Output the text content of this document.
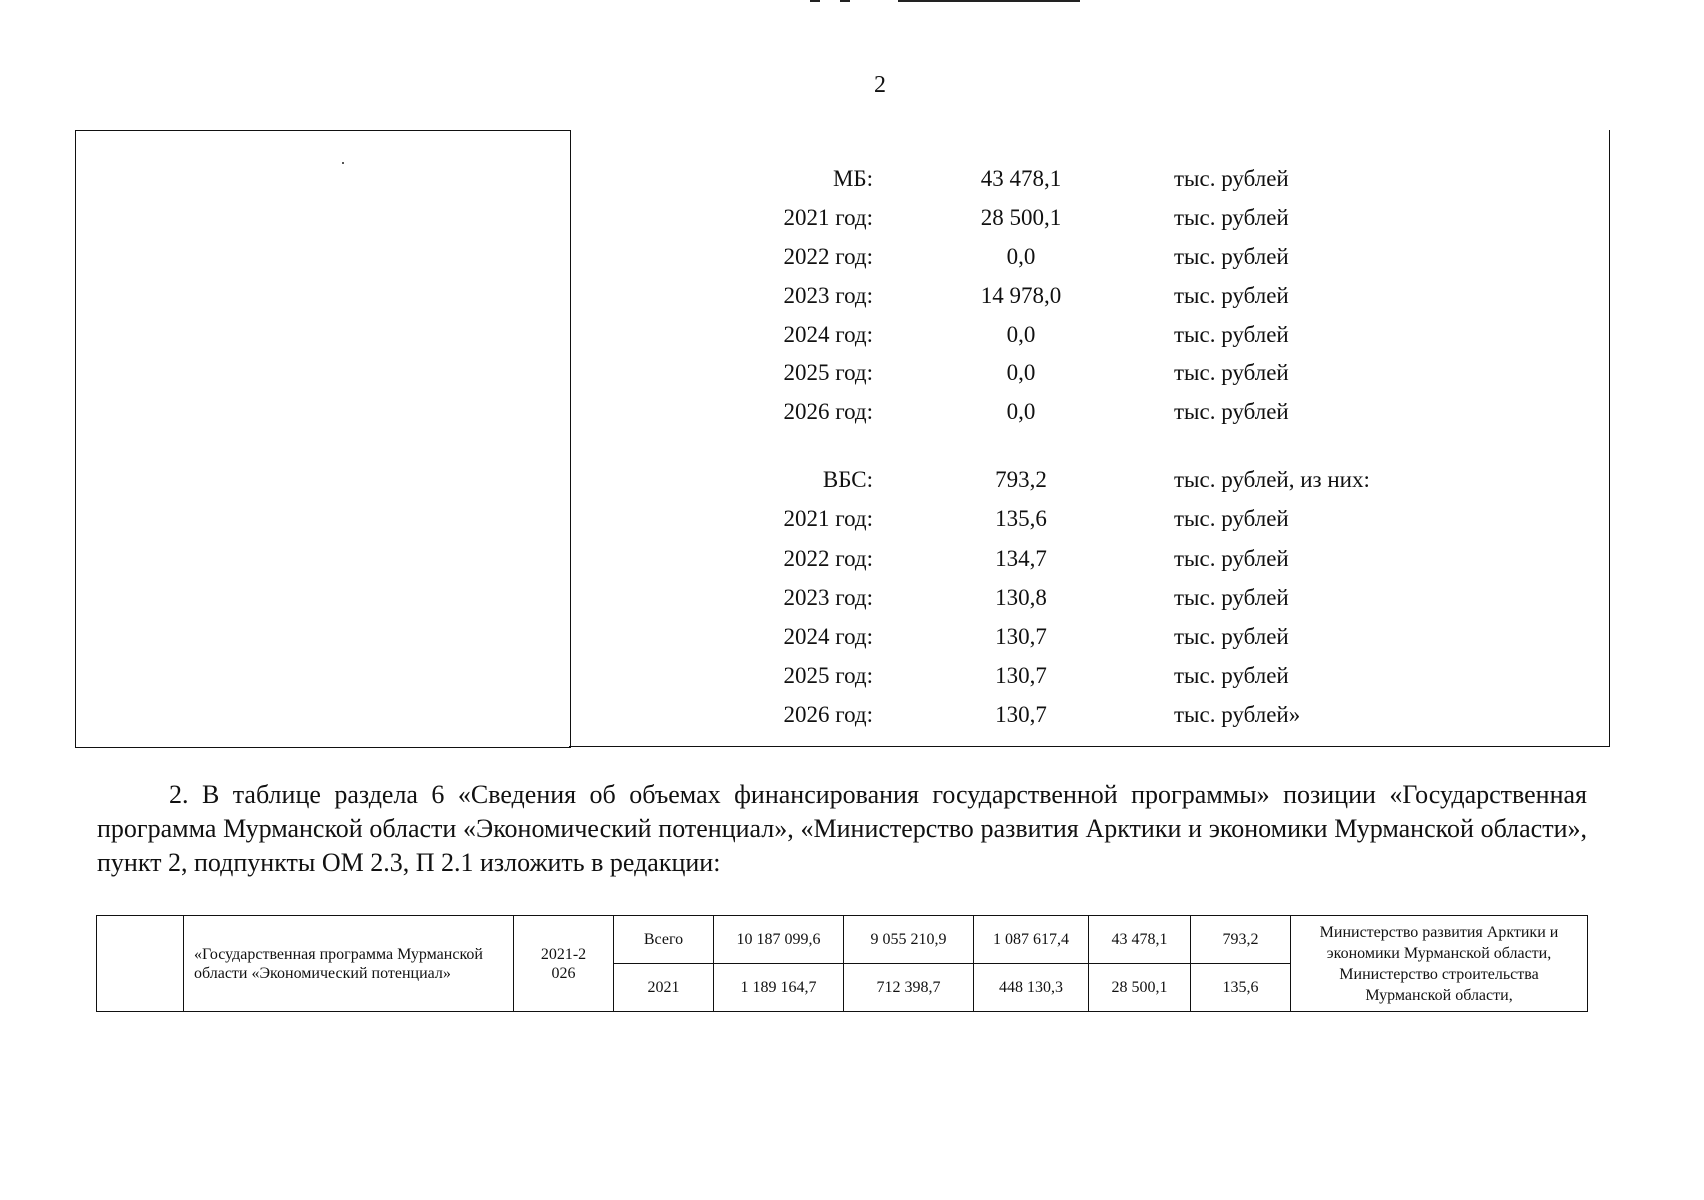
2
МБ:	43 478,1	тыс. рублей
2021 год:	28 500,1	тыс. рублей
2022 год:	0,0	тыс. рублей
2023 год:	14 978,0	тыс. рублей
2024 год:	0,0	тыс. рублей
2025 год:	0,0	тыс. рублей
2026 год:	0,0	тыс. рублей
ВБС:	793,2	тыс. рублей, из них:
2021 год:	135,6	тыс. рублей
2022 год:	134,7	тыс. рублей
2023 год:	130,8	тыс. рублей
2024 год:	130,7	тыс. рублей
2025 год:	130,7	тыс. рублей
2026 год:	130,7	тыс. рублей»
2. В таблице раздела 6 «Сведения об объемах финансирования государственной программы» позиции «Государственная программа Мурманской области «Экономический потенциал», «Министерство развития Арктики и экономики Мурманской области», пункт 2, подпункты ОМ 2.3, П 2.1 изложить в редакции:
	«Государственная программа Мурманской области «Экономический потенциал»	2021-2026	Всего	10 187 099,6	9 055 210,9	1 087 617,4	43 478,1	793,2	Министерство развития Арктики и экономики Мурманской области, Министерство строительства Мурманской области,
			2021	1 189 164,7	712 398,7	448 130,3	28 500,1	135,6	
